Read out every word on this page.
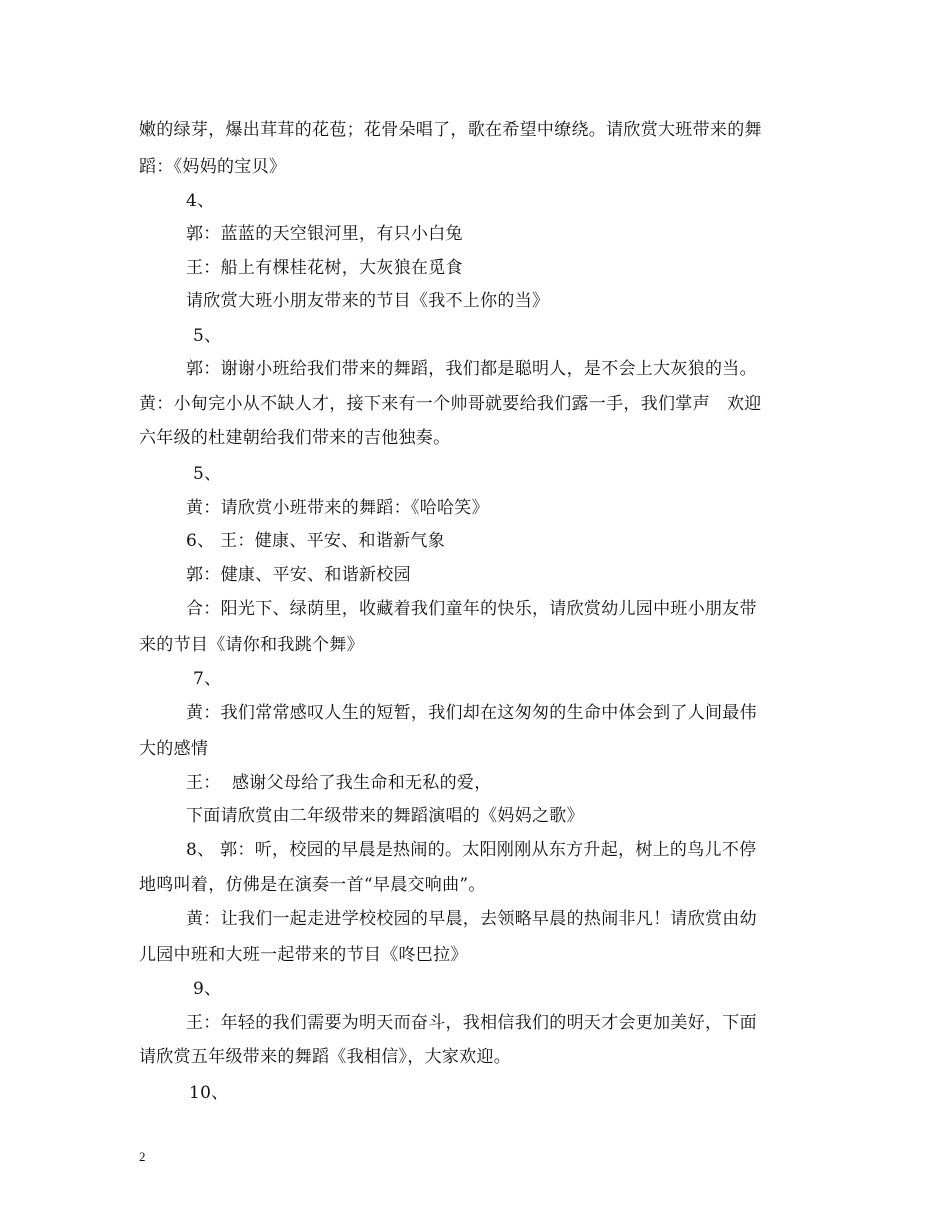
嫩的绿芽，爆出茸茸的花苞；花骨朵唱了，歌在希望中缭绕。请欣赏大班带来的舞
蹈：《妈妈的宝贝》
4、
郭：蓝蓝的天空银河里，有只小白兔
王：船上有棵桂花树，大灰狼在觅食
请欣赏大班小朋友带来的节目《我不上你的当》
5、
郭：谢谢小班给我们带来的舞蹈，我们都是聪明人，是不会上大灰狼的当。
黄：小甸完小从不缺人才，接下来有一个帅哥就要给我们露一手，我们掌声   欢迎
六年级的杜建朝给我们带来的吉他独奏。
5、
黄：请欣赏小班带来的舞蹈：《哈哈笑》
6、 王：健康、平安、和谐新气象
郭：健康、平安、和谐新校园
合：阳光下、绿荫里，收藏着我们童年的快乐，请欣赏幼儿园中班小朋友带
来的节目《请你和我跳个舞》
7、
黄：我们常常感叹人生的短暂，我们却在这匆匆的生命中体会到了人间最伟
大的感情
王：  感谢父母给了我生命和无私的爱，
下面请欣赏由二年级带来的舞蹈演唱的《妈妈之歌》
8、 郭：听，校园的早晨是热闹的。太阳刚刚从东方升起，树上的鸟儿不停
地鸣叫着，仿佛是在演奏一首“早晨交响曲”。
黄：让我们一起走进学校校园的早晨，去领略早晨的热闹非凡！请欣赏由幼
儿园中班和大班一起带来的节目《咚巴拉》
9、
王：年轻的我们需要为明天而奋斗，我相信我们的明天才会更加美好，下面
请欣赏五年级带来的舞蹈《我相信》，大家欢迎。
10、
2
